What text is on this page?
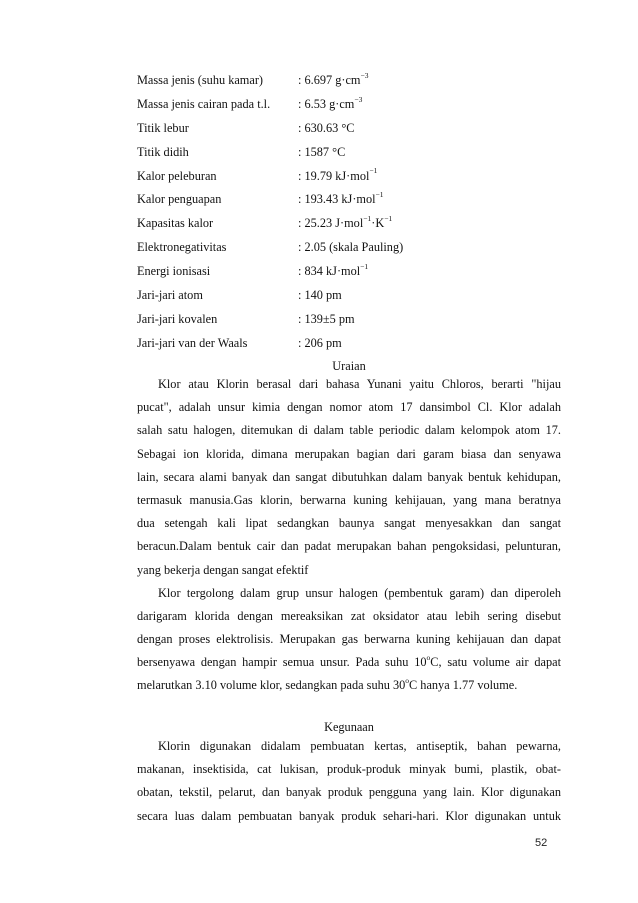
Massa jenis (suhu kamar)	: 6.697 $g\cdot cm^{-3}$
Massa jenis cairan pada t.l. : 6.53 $g\cdot cm^{-3}$
Titik lebur	: 630.63 °C
Titik didih	: 1587 °C
Kalor peleburan	: 19.79 kJ·mol$^{-1}$
Kalor penguapan	: 193.43 kJ·mol$^{-1}$
Kapasitas kalor	: 25.23 $J\cdot mol^{-1}\cdot K^{-1}$
Elektronegativitas	: 2.05 (skala Pauling)
Energi ionisasi	: 834 kJ·mol$^{-1}$
Jari-jari atom	: 140 pm
Jari-jari kovalen	: 139±5 pm
Jari-jari van der Waals	: 206 pm
Uraian
Klor atau Klorin berasal dari bahasa Yunani yaitu Chloros, berarti "hijau
pucat", adalah unsur kimia dengan nomor atom 17 dansimbol Cl. Klor adalah
salah satu halogen, ditemukan di dalam table periodic dalam kelompok atom 17.
Sebagai ion klorida, dimana merupakan bagian dari garam biasa dan senyawa
lain, secara alami banyak dan sangat dibutuhkan dalam banyak bentuk kehidupan,
termasuk manusia.Gas klorin, berwarna kuning kehijauan, yang mana beratnya
dua setengah kali lipat sedangkan baunya sangat menyesakkan dan sangat
beracun.Dalam bentuk cair dan padat merupakan bahan pengoksidasi, pelunturan,
yang bekerja dengan sangat efektif
Klor tergolong dalam grup unsur halogen (pembentuk garam) dan diperoleh
darigaram klorida dengan mereaksikan zat oksidator atau lebih sering disebut
dengan proses elektrolisis. Merupakan gas berwarna kuning kehijauan dan dapat
bersenyawa dengan hampir semua unsur. Pada suhu 10$^o$C, satu volume air dapat
melarutkan 3.10 volume klor, sedangkan pada suhu 30$^o$C hanya 1.77 volume.
Kegunaan
Klorin digunakan didalam pembuatan kertas, antiseptik, bahan pewarna,
makanan, insektisida, cat lukisan, produk-produk minyak bumi, plastik, obat-
obatan, tekstil, pelarut, dan banyak produk pengguna yang lain. Klor digunakan
secara luas dalam pembuatan banyak produk sehari-hari. Klor digunakan untuk
52
